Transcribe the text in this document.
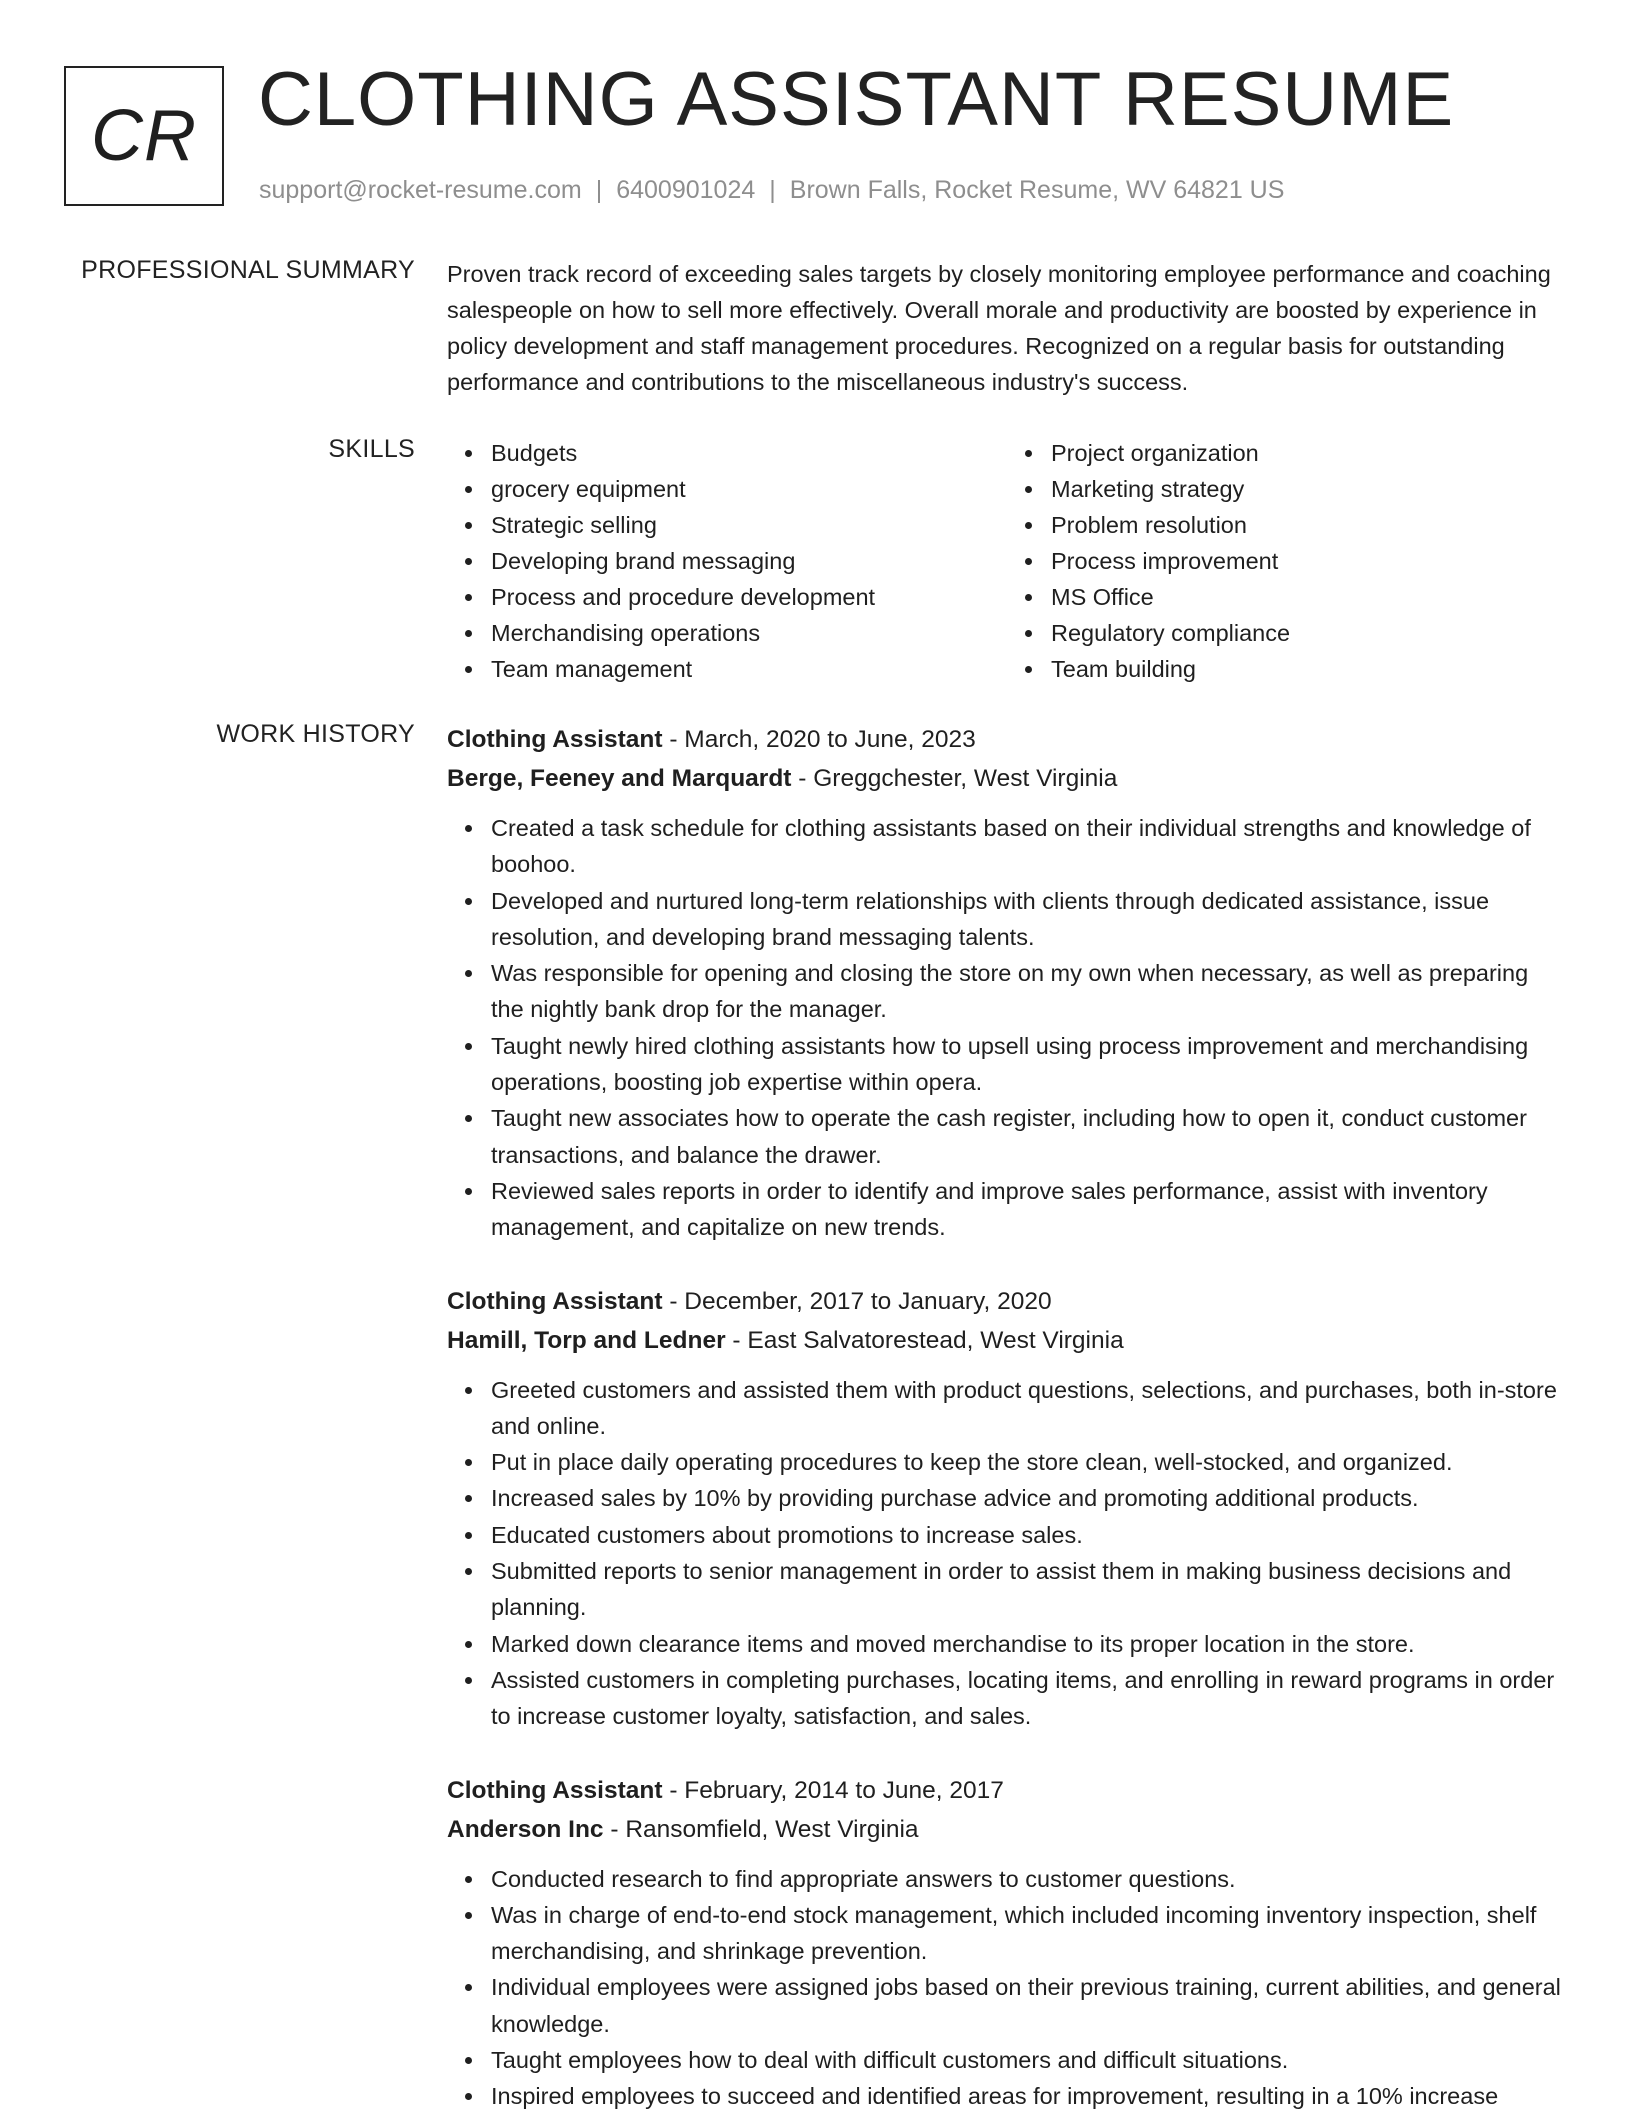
CR CLOTHING ASSISTANT RESUME
support@rocket-resume.com | 6400901024 | Brown Falls, Rocket Resume, WV 64821 US
PROFESSIONAL SUMMARY Proven track record of exceeding sales targets by closely monitoring employee performance and coaching salespeople on how to sell more effectively. Overall morale and productivity are boosted by experience in policy development and staff management procedures. Recognized on a regular basis for outstanding performance and contributions to the miscellaneous industry's success.

SKILLS	Budgets
grocery equipment
Strategic selling
Developing brand messaging
Process and procedure development
Merchandising operations
Team management
Project organization
Marketing strategy
Problem resolution
Process improvement
MS Office
Regulatory compliance
Team building
WORK HISTORY Clothing Assistant - March, 2020 to June, 2023
Berge, Feeney and Marquardt - Greggchester, West Virginia
Created a task schedule for clothing assistants based on their individual strengths and knowledge of boohoo.
Developed and nurtured long-term relationships with clients through dedicated assistance, issue resolution, and developing brand messaging talents.
Was responsible for opening and closing the store on my own when necessary, as well as preparing the nightly bank drop for the manager.
Taught newly hired clothing assistants how to upsell using process improvement and merchandising operations, boosting job expertise within opera.
Taught new associates how to operate the cash register, including how to open it, conduct customer transactions, and balance the drawer.
Reviewed sales reports in order to identify and improve sales performance, assist with inventory management, and capitalize on new trends.
Clothing Assistant - December, 2017 to January, 2020
Hamill, Torp and Ledner - East Salvatorestead, West Virginia
Greeted customers and assisted them with product questions, selections, and purchases, both in-store and online.
Put in place daily operating procedures to keep the store clean, well-stocked, and organized.
Increased sales by 10% by providing purchase advice and promoting additional products.
Educated customers about promotions to increase sales.
Submitted reports to senior management in order to assist them in making business decisions and planning.
Marked down clearance items and moved merchandise to its proper location in the store.
Assisted customers in completing purchases, locating items, and enrolling in reward programs in order to increase customer loyalty, satisfaction, and sales.
Clothing Assistant - February, 2014 to June, 2017
Anderson Inc - Ransomfield, West Virginia
Conducted research to find appropriate answers to customer questions.
Was in charge of end-to-end stock management, which included incoming inventory inspection, shelf merchandising, and shrinkage prevention.
Individual employees were assigned jobs based on their previous training, current abilities, and general knowledge.
Taught employees how to deal with difficult customers and difficult situations.
Inspired employees to succeed and identified areas for improvement, resulting in a 10% increase
